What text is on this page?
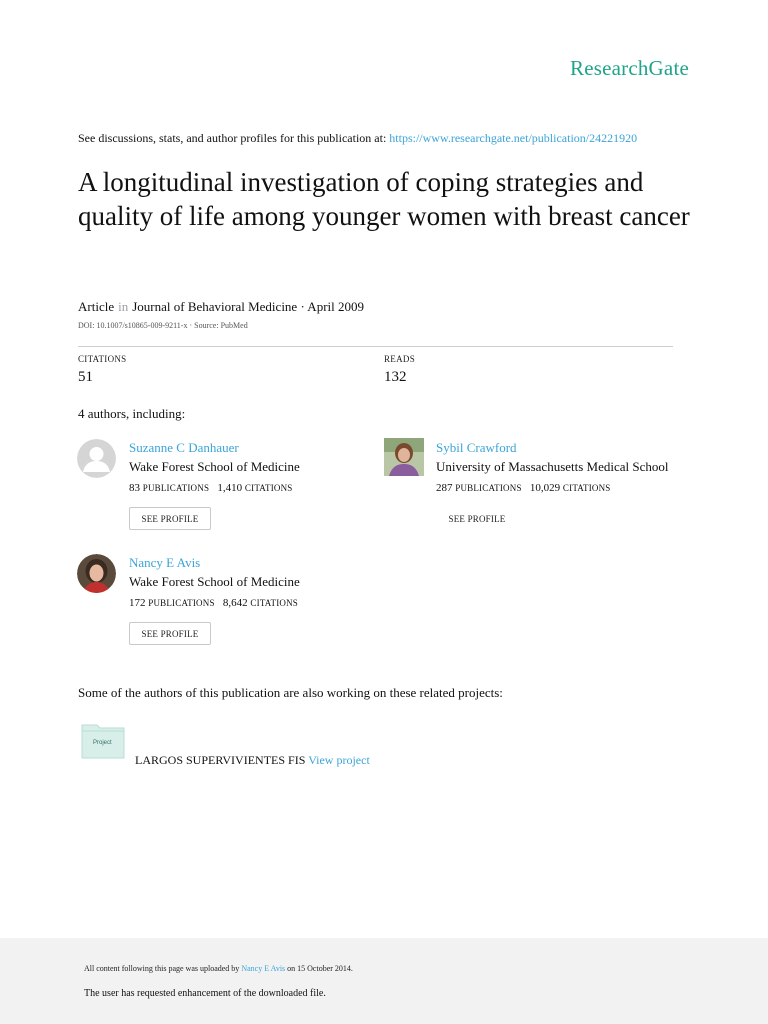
ResearchGate
See discussions, stats, and author profiles for this publication at: https://www.researchgate.net/publication/24221920
A longitudinal investigation of coping strategies and quality of life among younger women with breast cancer
Article in Journal of Behavioral Medicine · April 2009
DOI: 10.1007/s10865-009-9211-x · Source: PubMed
CITATIONS
51
READS
132
4 authors, including:
Suzanne C Danhauer
Wake Forest School of Medicine
83 PUBLICATIONS 1,410 CITATIONS
SEE PROFILE
Sybil Crawford
University of Massachusetts Medical School
287 PUBLICATIONS 10,029 CITATIONS
SEE PROFILE
Nancy E Avis
Wake Forest School of Medicine
172 PUBLICATIONS 8,642 CITATIONS
SEE PROFILE
Some of the authors of this publication are also working on these related projects:
Project
LARGOS SUPERVIVIENTES FIS View project
All content following this page was uploaded by Nancy E Avis on 15 October 2014.
The user has requested enhancement of the downloaded file.
